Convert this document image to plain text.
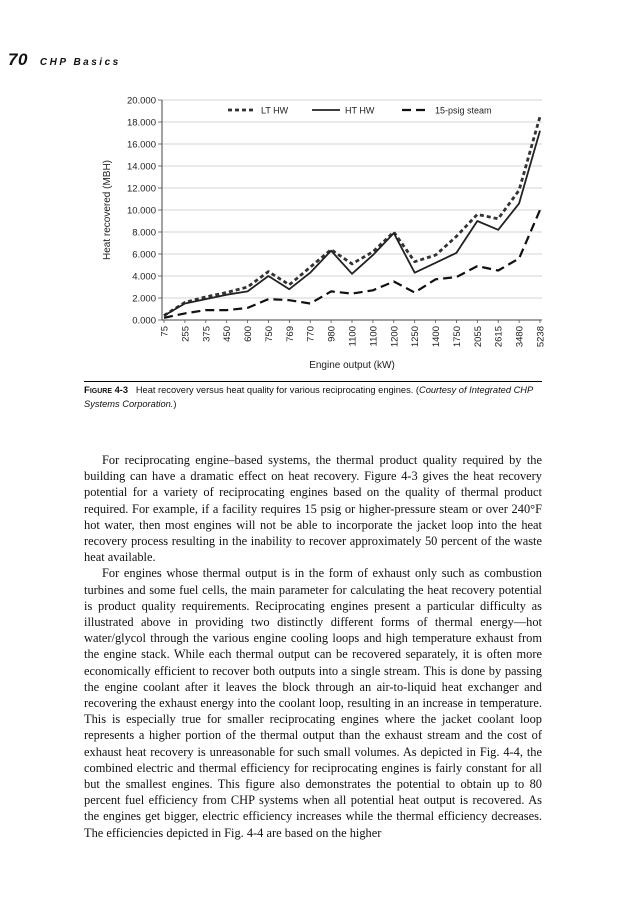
70 CHP Basics
0.000
2.000
4.000
6.000
8.000
10.000
12.000
14.000
16.000
18.000
20.000
75 255 375 450 600 750 769 770 980 1100 1100 1200 1250 1400 1750 2055 2615 3480 5238
Engine output (kW)
Heat recovered (MBH)
LT HW	HT HW	15-psig steam
Figure 4-3 Heat recovery versus heat quality for various reciprocating engines. (Courtesy of Integrated CHP Systems Corporation.)

For reciprocating engine–based systems, the thermal product quality required by the building can have a dramatic effect on heat recovery. Figure 4-3 gives the heat recovery potential for a variety of reciprocating engines based on the quality of thermal product required. For example, if a facility requires 15 psig or higher-pressure steam or over 240°F hot water, then most engines will not be able to incorporate the jacket loop into the heat recovery process resulting in the inability to recover approximately 50 percent of the waste heat available.

For engines whose thermal output is in the form of exhaust only such as combustion turbines and some fuel cells, the main parameter for calculating the heat recovery potential is product quality requirements. Reciprocating engines present a particular difficulty as illustrated above in providing two distinctly different forms of thermal energy—hot water/glycol through the various engine cooling loops and high temperature exhaust from the engine stack. While each thermal output can be recovered separately, it is often more economically efficient to recover both outputs into a single stream. This is done by passing the engine coolant after it leaves the block through an air-to-liquid heat exchanger and recovering the exhaust energy into the coolant loop, resulting in an increase in temperature. This is especially true for smaller reciprocating engines where the jacket coolant loop represents a higher portion of the thermal output than the exhaust stream and the cost of exhaust heat recovery is unreasonable for such small volumes. As depicted in Fig. 4-4, the combined electric and thermal efficiency for reciprocating engines is fairly constant for all but the smallest engines. This figure also demonstrates the potential to obtain up to 80 percent fuel efficiency from CHP systems when all potential heat output is recovered. As the engines get bigger, electric efficiency increases while the thermal efficiency decreases. The efficiencies depicted in Fig. 4-4 are based on the higher
